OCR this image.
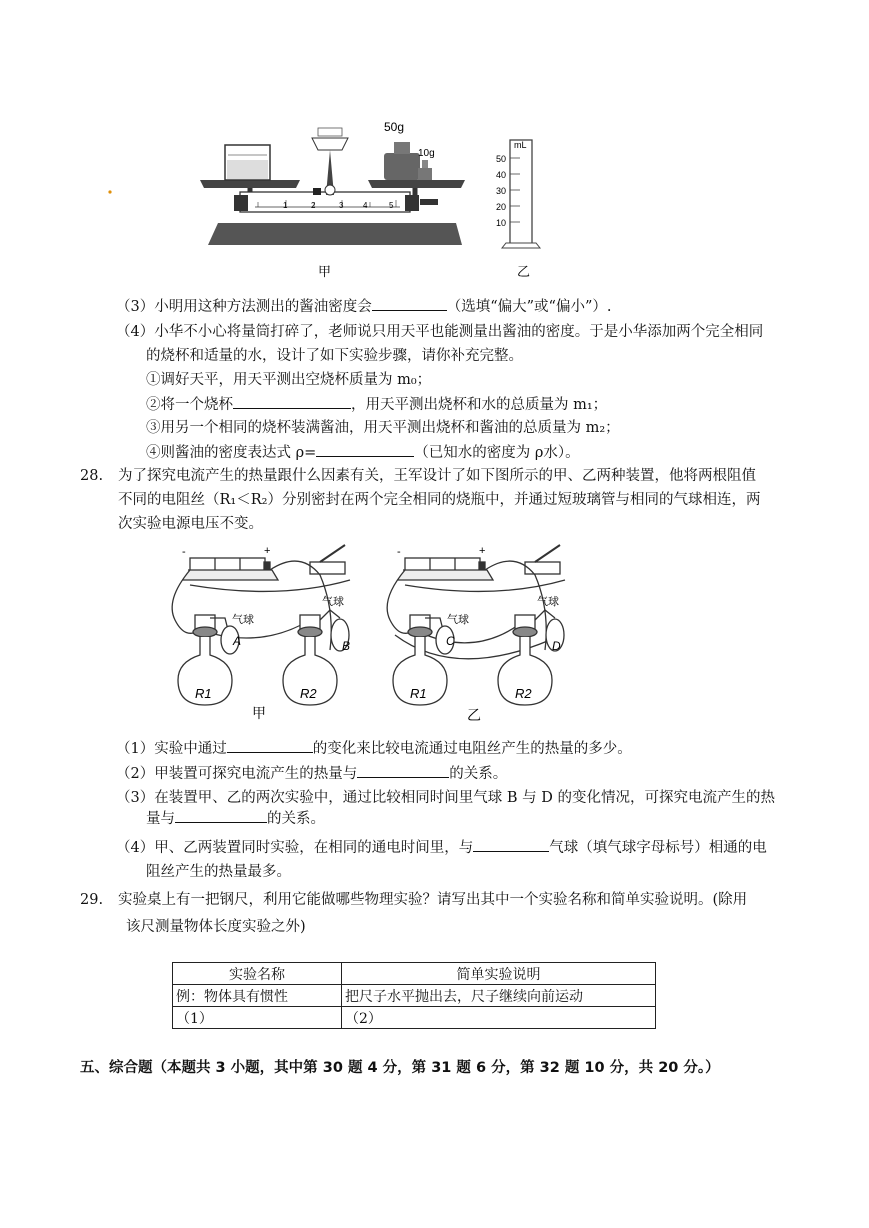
50g
10g
1	2	3 4	5
mL
50
40
30
20
10
甲	乙
（3）小明用这种方法测出的酱油密度会	（选填“偏大”或“偏小”）.
（4）小华不小心将量筒打碎了，老师说只用天平也能测量出酱油的密度。于是小华添加两个完全相同
的烧杯和适量的水，设计了如下实验步骤，请你补充完整。
①调好天平，用天平测出空烧杯质量为 m₀；
②将一个烧杯	，用天平测出烧杯和水的总质量为 m₁；
③用另一个相同的烧杯装满酱油，用天平测出烧杯和酱油的总质量为 m₂；
④则酱油的密度表达式 ρ=	（已知水的密度为 ρ水）。
28. 为了探究电流产生的热量跟什么因素有关，王军设计了如下图所示的甲、乙两种装置，他将两根阻值
不同的电阻丝（R₁＜R₂）分别密封在两个完全相同的烧瓶中，并通过短玻璃管与相同的气球相连，两
次实验电源电压不变。
-	+
气球
气球
A	B
R1	R2
甲
-	+
气球
气球
C	D
R1	R2
乙
（1）实验中通过	的变化来比较电流通过电阻丝产生的热量的多少。
（2）甲装置可探究电流产生的热量与	的关系。
（3）在装置甲、乙的两次实验中，通过比较相同时间里气球 B 与 D 的变化情况，可探究电流产生的热
量与	的关系。
（4）甲、乙两装置同时实验，在相同的通电时间里，与	气球（填气球字母标号）相通的电
阻丝产生的热量最多。
29. 实验桌上有一把钢尺，利用它能做哪些物理实验？请写出其中一个实验名称和简单实验说明。(除用
该尺测量物体长度实验之外)
实验名称	简单实验说明
例：物体具有惯性	把尺子水平抛出去，尺子继续向前运动
（1）	（2）
五、综合题（本题共 3 小题，其中第 30 题 4 分，第 31 题 6 分，第 32 题 10 分，共 20 分。）
